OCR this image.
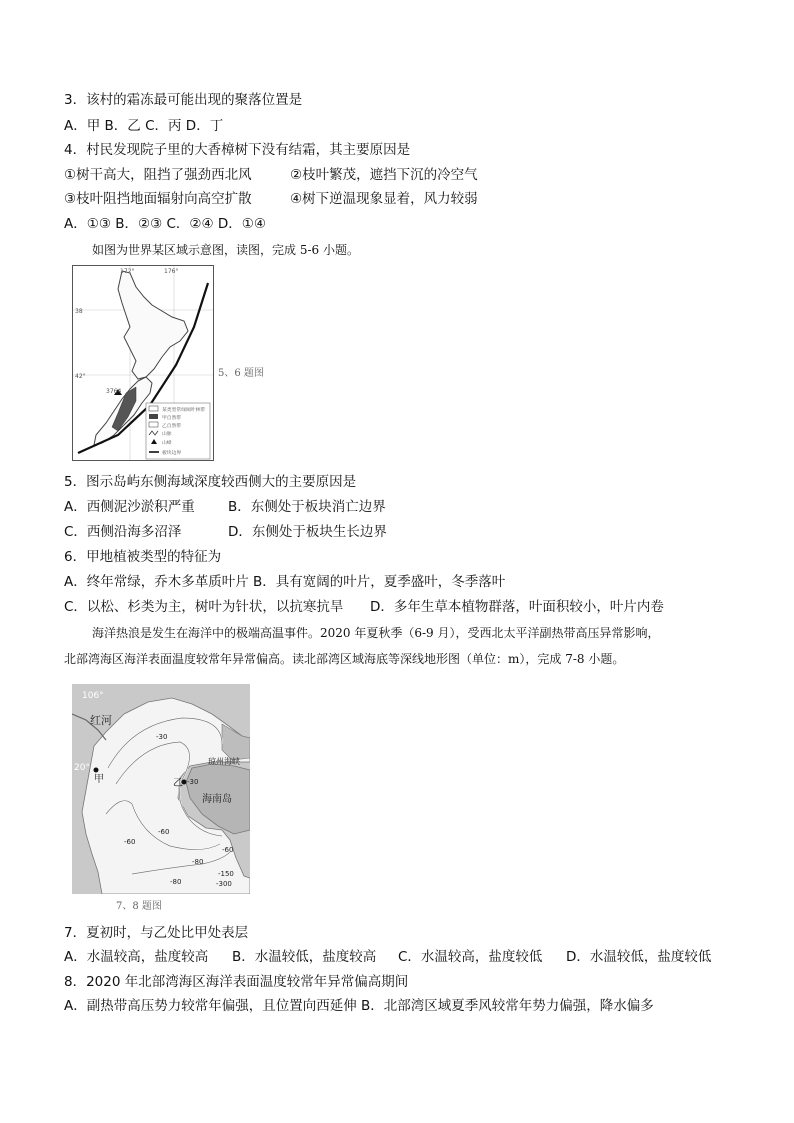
3．该村的霜冻最可能出现的聚落位置是
A．甲 B．乙 C．丙 D．丁
4．村民发现院子里的大香樟树下没有结霜，其主要原因是
①树干高大，阻挡了强劲西北风	②枝叶繁茂，遮挡下沉的冷空气
③枝叶阻挡地面辐射向高空扩散	④树下逆温现象显着，风力较弱
A．①③ B．②③ C．②④ D．①④
如图为世界某区域示意图，读图，完成 5-6 小题。
某类型常绿阔叶林带
甲自然带
乙自然带
山脉
山峰
板块边界
172°	176°
38
42°
3764
5、6 题图
5．图示岛屿东侧海域深度较西侧大的主要原因是
A．西侧泥沙淤积严重 B．东侧处于板块消亡边界
C．西侧沿海多沼泽	D．东侧处于板块生长边界
6．甲地植被类型的特征为
A．终年常绿，乔木多革质叶片 B．具有宽阔的叶片，夏季盛叶，冬季落叶
C．以松、杉类为主，树叶为针状，以抗寒抗旱 D．多年生草本植物群落，叶面积较小，叶片内卷
海洋热浪是发生在海洋中的极端高温事件。2020 年夏秋季（6-9 月），受西北太平洋副热带高压异常影响，
北部湾海区海洋表面温度较常年异常偏高。读北部湾区域海底等深线地形图（单位：m），完成 7-8 小题。
106°
20°
红河
琼州海峡
海南岛
甲	乙
-30
-30
-60
-60
-60
-80
-80
-150
-300
7、8 题图
7．夏初时，与乙处比甲处表层
A．水温较高，盐度较高 B．水温较低，盐度较高 C．水温较高，盐度较低 D．水温较低，盐度较低
8．2020 年北部湾海区海洋表面温度较常年异常偏高期间
A．副热带高压势力较常年偏强，且位置向西延伸 B．北部湾区域夏季风较常年势力偏强，降水偏多
